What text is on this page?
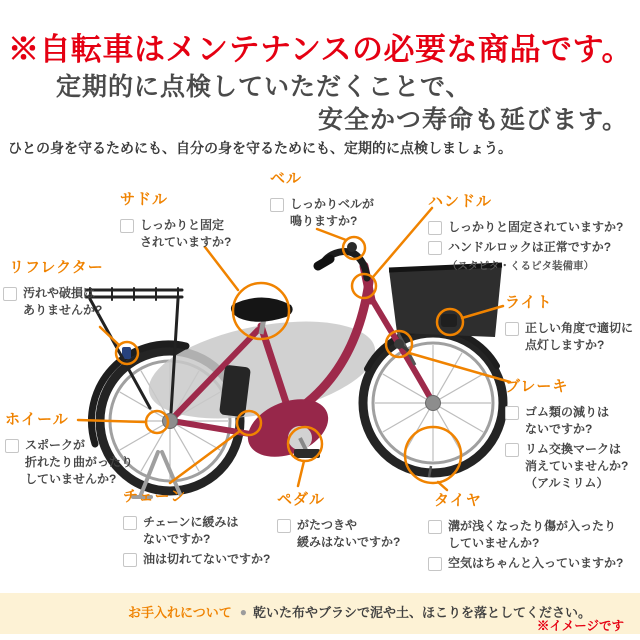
※自転車はメンテナンスの必要な商品です。
定期的に点検していただくことで、
安全かつ寿命も延びます。
ひとの身を守るためにも、自分の身を守るためにも、定期的に点検しましょう。
サドル
しっかりと固定
されていますか?
ベル
しっかりベルが
鳴りますか?
ハンドル
しっかりと固定されていますか?
ハンドルロックは正常ですか?
（スタピタ・くるピタ装備車）
ライト
正しい角度で適切に
点灯しますか?
ブレーキ
ゴム類の減りは
ないですか?
リム交換マークは
消えていませんか?
（アルミリム）
タイヤ
溝が浅くなったり傷が入ったり
していませんか?
空気はちゃんと入っていますか?
ペダル
がたつきや
緩みはないですか?
チェーン
チェーンに緩みは
ないですか?
油は切れてないですか?
ホイール
スポークが
折れたり曲がったり
していませんか?
リフレクター
汚れや破損は
ありませんか?
お手入れについて ● 乾いた布やブラシで泥や土、ほこりを落としてください。
※イメージです
